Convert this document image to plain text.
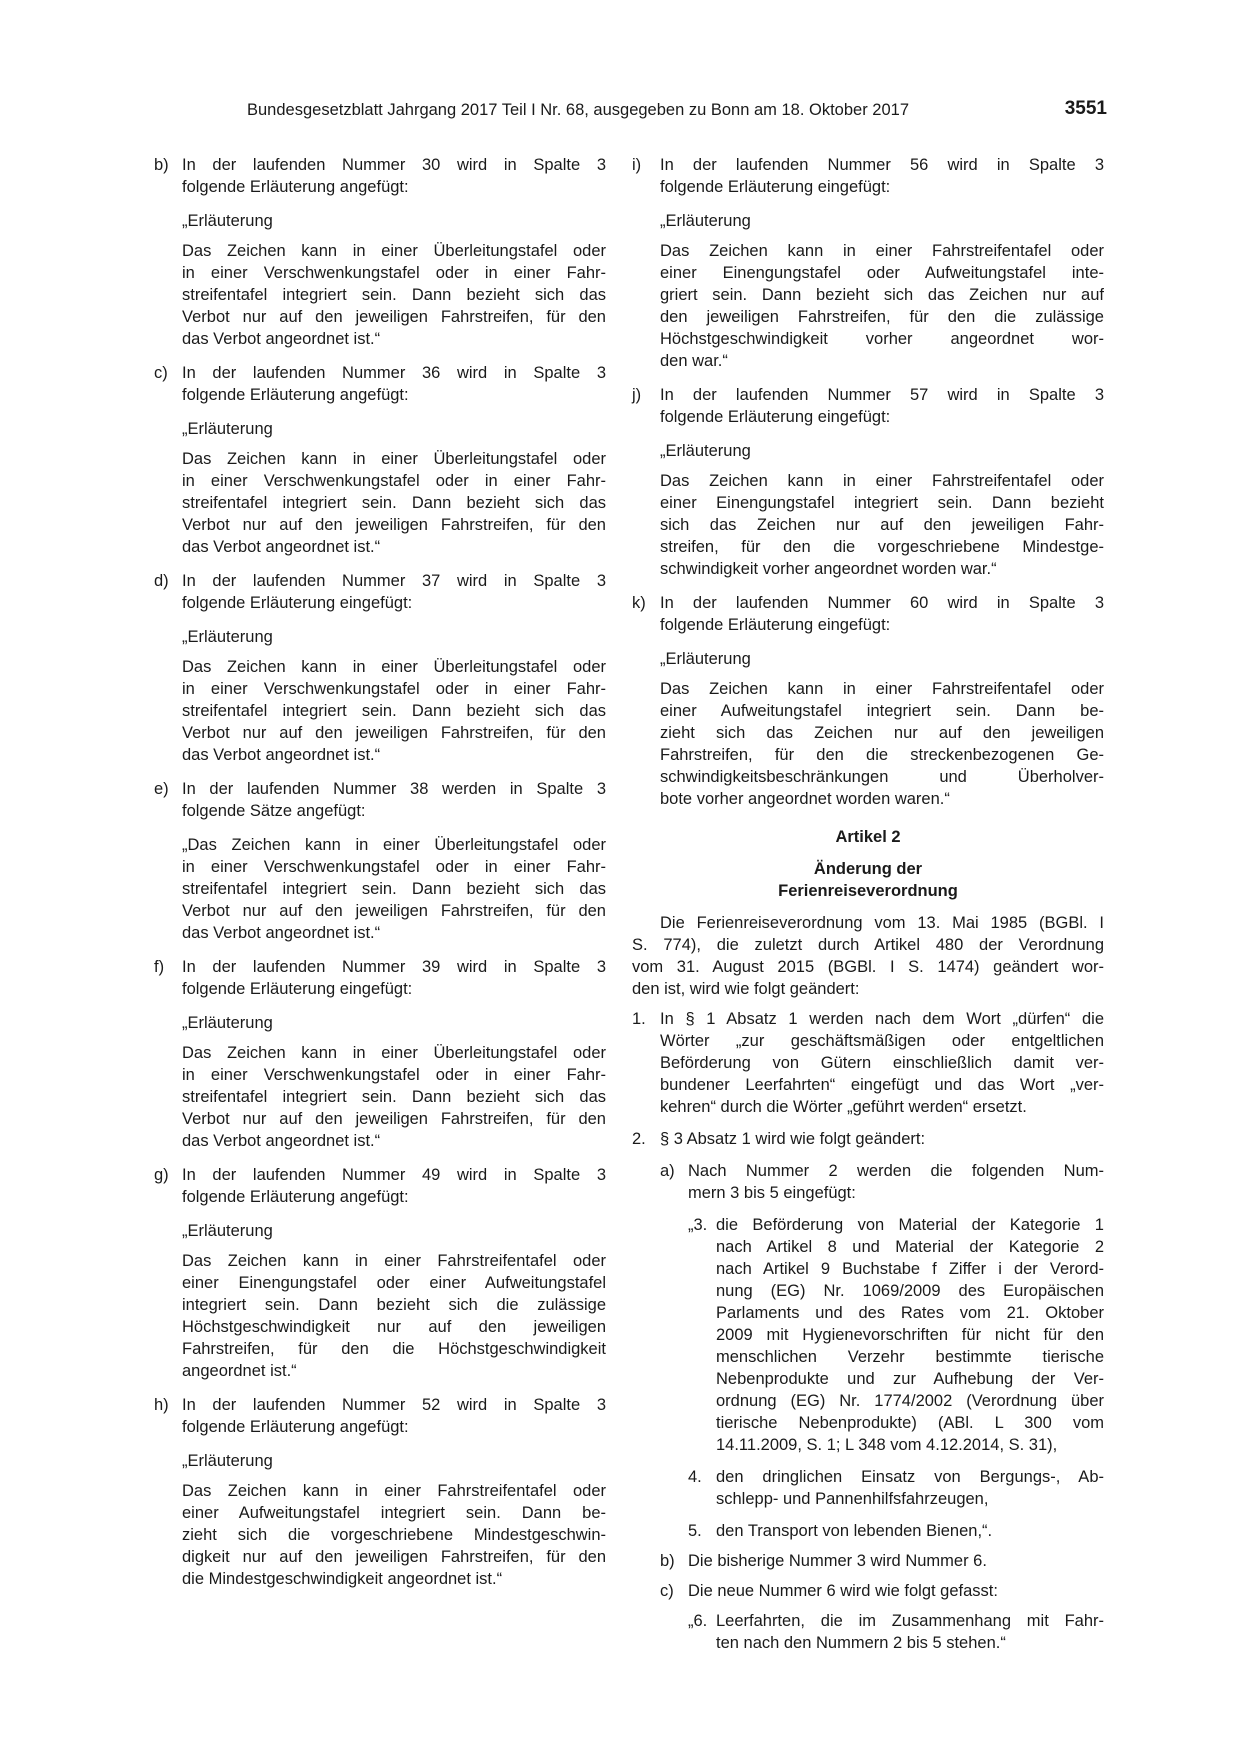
Bundesgesetzblatt Jahrgang 2017 Teil I Nr. 68, ausgegeben zu Bonn am 18. Oktober 2017	3551
b) In der laufenden Nummer 30 wird in Spalte 3
folgende Erläuterung angefügt:
„Erläuterung
Das Zeichen kann in einer Überleitungstafel oder
in einer Verschwenkungstafel oder in einer Fahr-
streifentafel integriert sein. Dann bezieht sich das
Verbot nur auf den jeweiligen Fahrstreifen, für den
das Verbot angeordnet ist.“
c) In der laufenden Nummer 36 wird in Spalte 3
folgende Erläuterung angefügt:
„Erläuterung
Das Zeichen kann in einer Überleitungstafel oder
in einer Verschwenkungstafel oder in einer Fahr-
streifentafel integriert sein. Dann bezieht sich das
Verbot nur auf den jeweiligen Fahrstreifen, für den
das Verbot angeordnet ist.“
d) In der laufenden Nummer 37 wird in Spalte 3
folgende Erläuterung eingefügt:
„Erläuterung
Das Zeichen kann in einer Überleitungstafel oder
in einer Verschwenkungstafel oder in einer Fahr-
streifentafel integriert sein. Dann bezieht sich das
Verbot nur auf den jeweiligen Fahrstreifen, für den
das Verbot angeordnet ist.“
e) In der laufenden Nummer 38 werden in Spalte 3
folgende Sätze angefügt:
„Das Zeichen kann in einer Überleitungstafel oder
in einer Verschwenkungstafel oder in einer Fahr-
streifentafel integriert sein. Dann bezieht sich das
Verbot nur auf den jeweiligen Fahrstreifen, für den
das Verbot angeordnet ist.“
f) In der laufenden Nummer 39 wird in Spalte 3
folgende Erläuterung eingefügt:
„Erläuterung
Das Zeichen kann in einer Überleitungstafel oder
in einer Verschwenkungstafel oder in einer Fahr-
streifentafel integriert sein. Dann bezieht sich das
Verbot nur auf den jeweiligen Fahrstreifen, für den
das Verbot angeordnet ist.“
g) In der laufenden Nummer 49 wird in Spalte 3
folgende Erläuterung angefügt:
„Erläuterung
Das Zeichen kann in einer Fahrstreifentafel oder
einer Einengungstafel oder einer Aufweitungstafel
integriert sein. Dann bezieht sich die zulässige
Höchstgeschwindigkeit nur auf den jeweiligen
Fahrstreifen, für den die Höchstgeschwindigkeit
angeordnet ist.“
h) In der laufenden Nummer 52 wird in Spalte 3
folgende Erläuterung angefügt:
„Erläuterung
Das Zeichen kann in einer Fahrstreifentafel oder
einer Aufweitungstafel integriert sein. Dann be-
zieht sich die vorgeschriebene Mindestgeschwin-
digkeit nur auf den jeweiligen Fahrstreifen, für den
die Mindestgeschwindigkeit angeordnet ist.“
i) In der laufenden Nummer 56 wird in Spalte 3
folgende Erläuterung eingefügt:
„Erläuterung
Das Zeichen kann in einer Fahrstreifentafel oder
einer Einengungstafel oder Aufweitungstafel inte-
griert sein. Dann bezieht sich das Zeichen nur auf
den jeweiligen Fahrstreifen, für den die zulässige
Höchstgeschwindigkeit vorher angeordnet wor-
den war.“
j) In der laufenden Nummer 57 wird in Spalte 3
folgende Erläuterung eingefügt:
„Erläuterung
Das Zeichen kann in einer Fahrstreifentafel oder
einer Einengungstafel integriert sein. Dann bezieht
sich das Zeichen nur auf den jeweiligen Fahr-
streifen, für den die vorgeschriebene Mindestge-
schwindigkeit vorher angeordnet worden war.“
k) In der laufenden Nummer 60 wird in Spalte 3
folgende Erläuterung eingefügt:
„Erläuterung
Das Zeichen kann in einer Fahrstreifentafel oder
einer Aufweitungstafel integriert sein. Dann be-
zieht sich das Zeichen nur auf den jeweiligen
Fahrstreifen, für den die streckenbezogenen Ge-
schwindigkeitsbeschränkungen und Überholver-
bote vorher angeordnet worden waren.“
Artikel 2
Änderung der
Ferienreiseverordnung
Die Ferienreiseverordnung vom 13. Mai 1985 (BGBl. I
S. 774), die zuletzt durch Artikel 480 der Verordnung
vom 31. August 2015 (BGBl. I S. 1474) geändert wor-
den ist, wird wie folgt geändert:
1. In § 1 Absatz 1 werden nach dem Wort „dürfen“ die
Wörter „zur geschäftsmäßigen oder entgeltlichen
Beförderung von Gütern einschließlich damit ver-
bundener Leerfahrten“ eingefügt und das Wort „ver-
kehren“ durch die Wörter „geführt werden“ ersetzt.
2. § 3 Absatz 1 wird wie folgt geändert:
a) Nach Nummer 2 werden die folgenden Num-
mern 3 bis 5 eingefügt:
„3. die Beförderung von Material der Kategorie 1
nach Artikel 8 und Material der Kategorie 2
nach Artikel 9 Buchstabe f Ziffer i der Verord-
nung (EG) Nr. 1069/2009 des Europäischen
Parlaments und des Rates vom 21. Oktober
2009 mit Hygienevorschriften für nicht für den
menschlichen Verzehr bestimmte tierische
Nebenprodukte und zur Aufhebung der Ver-
ordnung (EG) Nr. 1774/2002 (Verordnung über
tierische Nebenprodukte) (ABl. L 300 vom
14.11.2009, S. 1; L 348 vom 4.12.2014, S. 31),
4. den dringlichen Einsatz von Bergungs-, Ab-
schlepp- und Pannenhilfsfahrzeugen,
5. den Transport von lebenden Bienen,“.
b) Die bisherige Nummer 3 wird Nummer 6.
c) Die neue Nummer 6 wird wie folgt gefasst:
„6. Leerfahrten, die im Zusammenhang mit Fahr-
ten nach den Nummern 2 bis 5 stehen.“
